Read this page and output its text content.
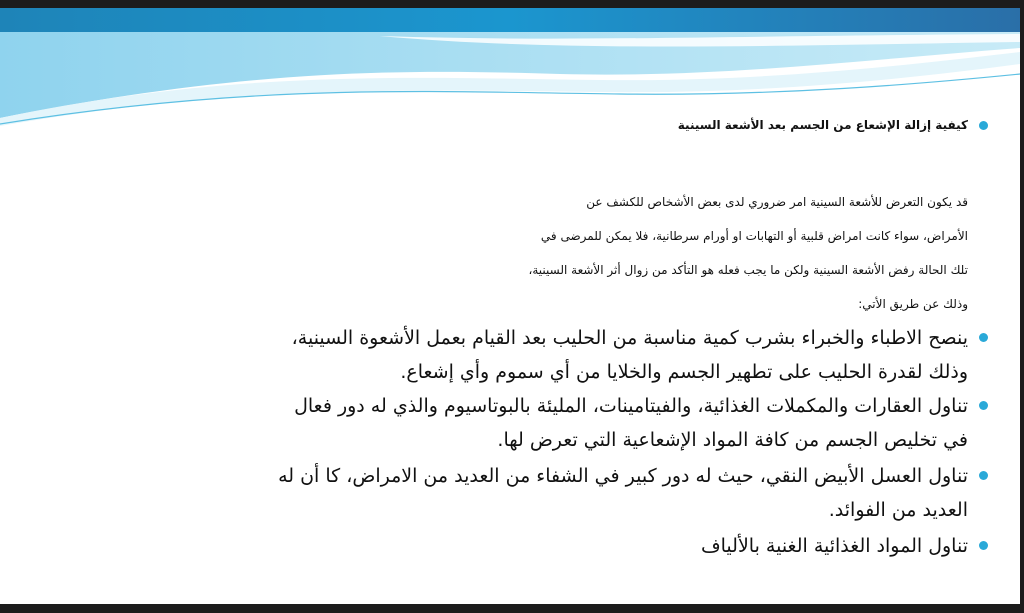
كيفية إزالة الإشعاع من الجسم بعد الأشعة السينية
قد يكون التعرض للأشعة السينية امر ضروري لدى بعض الأشخاص للكشف عن
الأمراض، سواء كانت امراض قلبية أو التهابات او أورام سرطانية، فلا يمكن للمرضى في
تلك الحالة رفض الأشعة السينية ولكن ما يجب فعله هو التأكد من زوال أثر الأشعة السينية،
وذلك عن طريق الأتي:
ينصح الاطباء والخبراء بشرب كمية مناسبة من الحليب بعد القيام بعمل الأشعوة السينية،
وذلك لقدرة الحليب على تطهير الجسم والخلايا من أي سموم وأي إشعاع.
تناول العقارات والمكملات الغذائية، والفيتامينات، المليئة بالبوتاسيوم والذي له دور فعال
في تخليص الجسم من كافة المواد الإشعاعية التي تعرض لها.
تناول العسل الأبيض النقي، حيث له دور كبير في الشفاء من العديد من الامراض، كا أن له
العديد من الفوائد.
تناول المواد الغذائية الغنية بالألياف
